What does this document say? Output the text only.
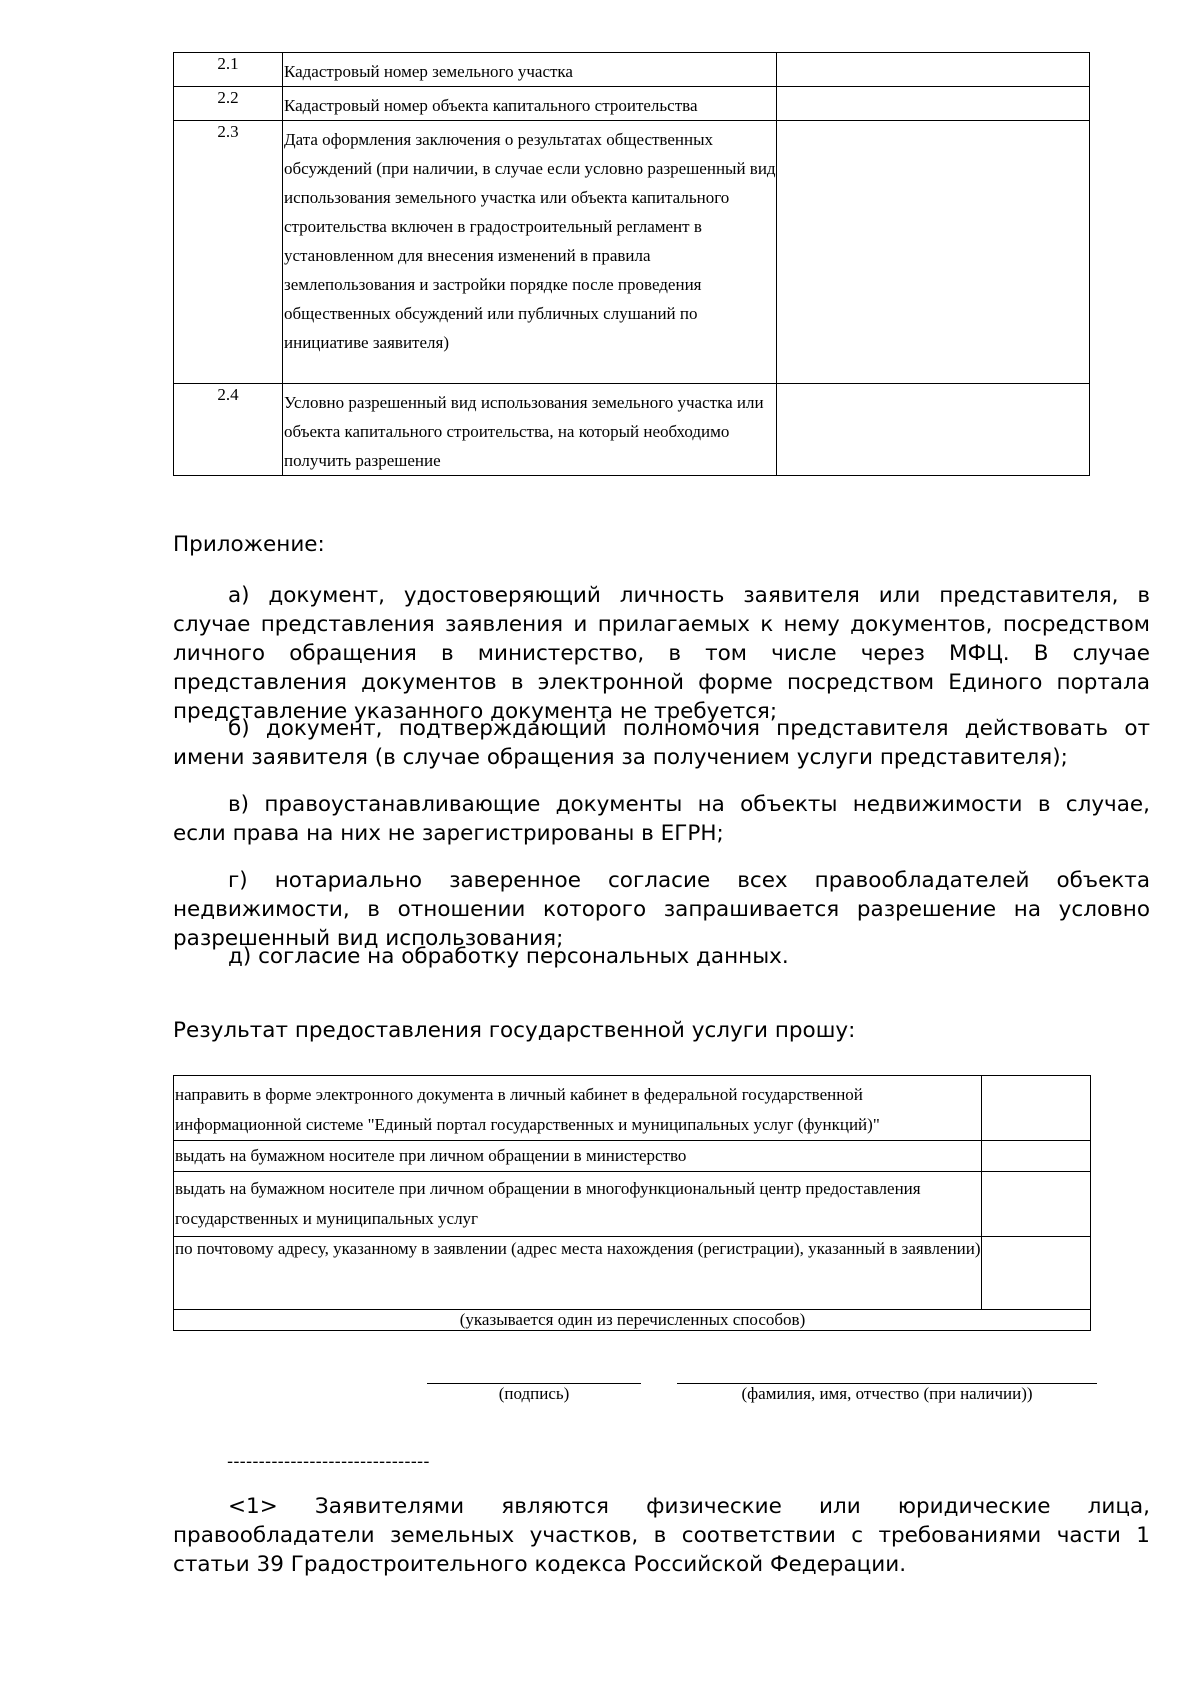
2.1	Кадастровый номер земельного участка	

2.2	Кадастровый номер объекта капитального строительства	

2.3	Дата оформления заключения о результатах общественных обсуждений (при наличии, в случае если условно разрешенный вид использования земельного участка или объекта капитального строительства включен в градостроительный регламент в установленном для внесения изменений в правила землепользования и застройки порядке после проведения общественных обсуждений или публичных слушаний по инициативе заявителя)	

2.4	Условно разрешенный вид использования земельного участка или объекта капитального строительства, на который необходимо получить разрешение	

Приложение:

а) документ, удостоверяющий личность заявителя или представителя, в случае представления заявления и прилагаемых к нему документов, посредством личного обращения в министерство, в том числе через МФЦ. В случае представления документов в электронной форме посредством Единого портала представление указанного документа не требуется;

б) документ, подтверждающий полномочия представителя действовать от имени заявителя (в случае обращения за получением услуги представителя);

в) правоустанавливающие документы на объекты недвижимости в случае, если права на них не зарегистрированы в ЕГРН;

г) нотариально заверенное согласие всех правообладателей объекта недвижимости, в отношении которого запрашивается разрешение на условно разрешенный вид использования;

д) согласие на обработку персональных данных.

Результат предоставления государственной услуги прошу:
направить в форме электронного документа в личный кабинет в федеральной государственной информационной системе "Единый портал государственных и муниципальных услуг (функций)"	
выдать на бумажном носителе при личном обращении в министерство	
выдать на бумажном носителе при личном обращении в многофункциональный центр предоставления государственных и муниципальных услуг	
по почтовому адресу, указанному в заявлении (адрес места нахождения (регистрации), указанный в заявлении)	
(указывается один из перечисленных способов)	
(подпись)	(фамилия, имя, отчество (при наличии))
--------------------------------

<1> Заявителями являются физические или юридические лица, правообладатели земельных участков, в соответствии с требованиями части 1 статьи 39 Градостроительного кодекса Российской Федерации.
